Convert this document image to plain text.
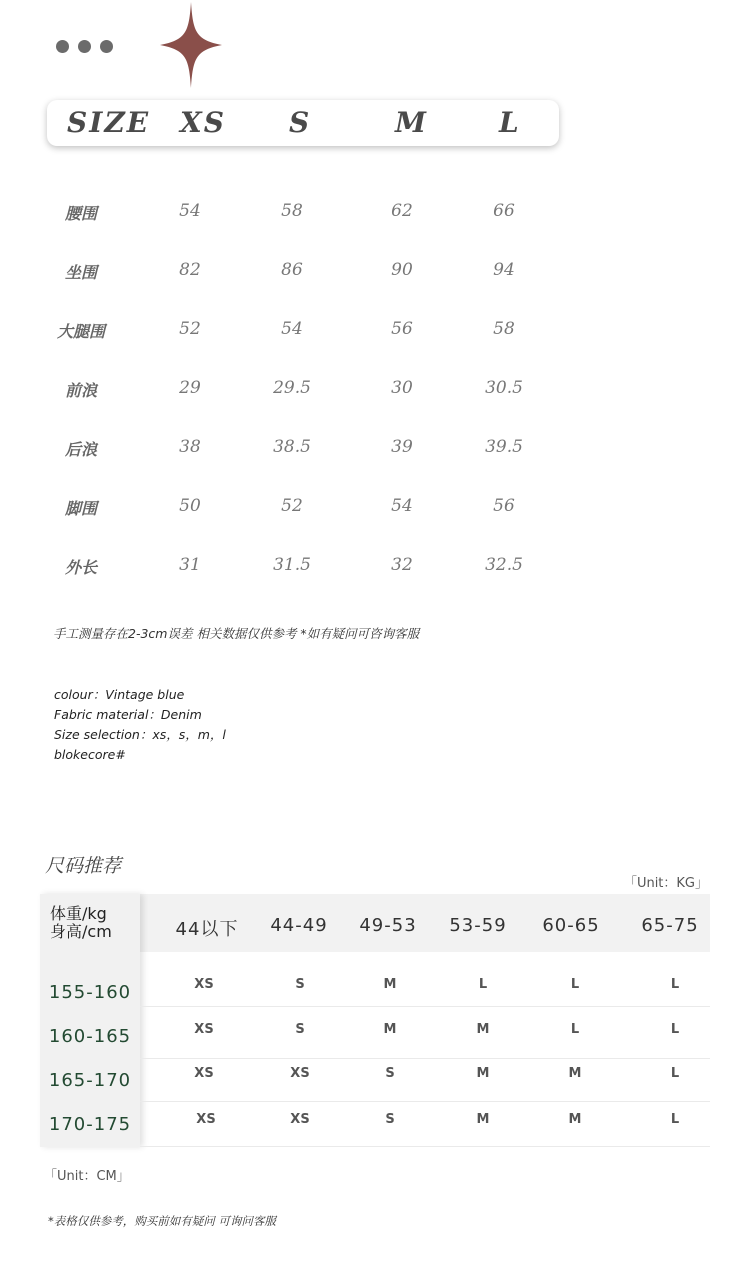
SIZE XS S	M	L
腰围	54	58	62	66
坐围	82	86	90	94
大腿围	52	54	56	58
前浪	29	29.5	30	30.5
后浪	38	38.5	39	39.5
脚围	50	52	54	56
外长	31	31.5	32	32.5
手工测量存在2-3cm误差 相关数据仅供参考 *如有疑问可咨询客服
colour：Vintage blue
Fabric material：Denim
Size selection：xs，s，m，l
blokecore#
尺码推荐
「Unit：KG」
体重/kg
身高/cm	44以下	44-49	49-53	53-59	60-65	65-75
155-160	XS	S	M	L	L	L
160-165	XS	S	M	M	L	L
165-170	XS	XS	S	M	M	L
170-175	XS	XS	S	M	M	L
「Unit：CM」
*表格仅供参考，购买前如有疑问 可询问客服
